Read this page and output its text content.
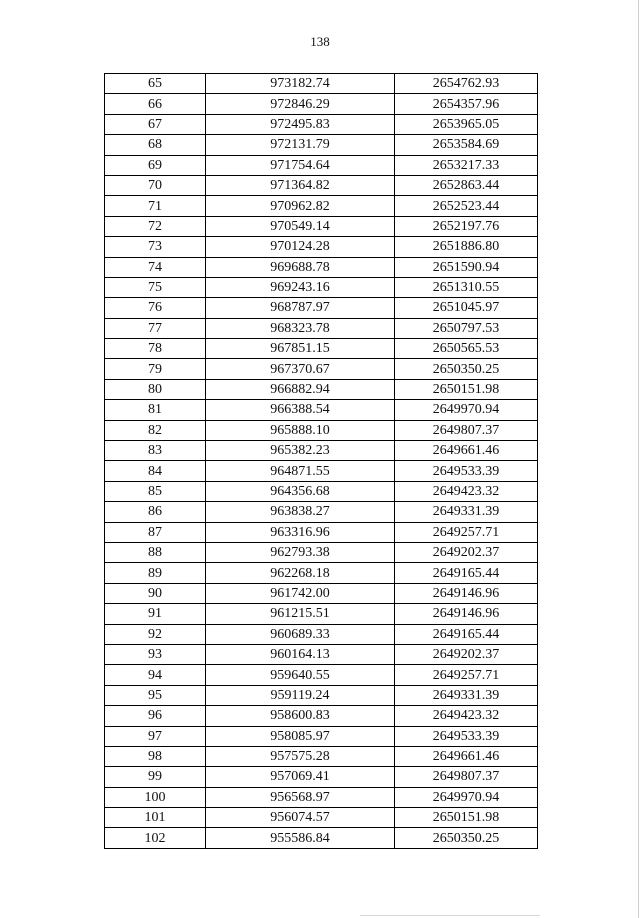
138
65	973182.74	2654762.93
66	972846.29	2654357.96
67	972495.83	2653965.05
68	972131.79	2653584.69
69	971754.64	2653217.33
70	971364.82	2652863.44
71	970962.82	2652523.44
72	970549.14	2652197.76
73	970124.28	2651886.80
74	969688.78	2651590.94
75	969243.16	2651310.55
76	968787.97	2651045.97
77	968323.78	2650797.53
78	967851.15	2650565.53
79	967370.67	2650350.25
80	966882.94	2650151.98
81	966388.54	2649970.94
82	965888.10	2649807.37
83	965382.23	2649661.46
84	964871.55	2649533.39
85	964356.68	2649423.32
86	963838.27	2649331.39
87	963316.96	2649257.71
88	962793.38	2649202.37
89	962268.18	2649165.44
90	961742.00	2649146.96
91	961215.51	2649146.96
92	960689.33	2649165.44
93	960164.13	2649202.37
94	959640.55	2649257.71
95	959119.24	2649331.39
96	958600.83	2649423.32
97	958085.97	2649533.39
98	957575.28	2649661.46
99	957069.41	2649807.37
100	956568.97	2649970.94
101	956074.57	2650151.98
102	955586.84	2650350.25
